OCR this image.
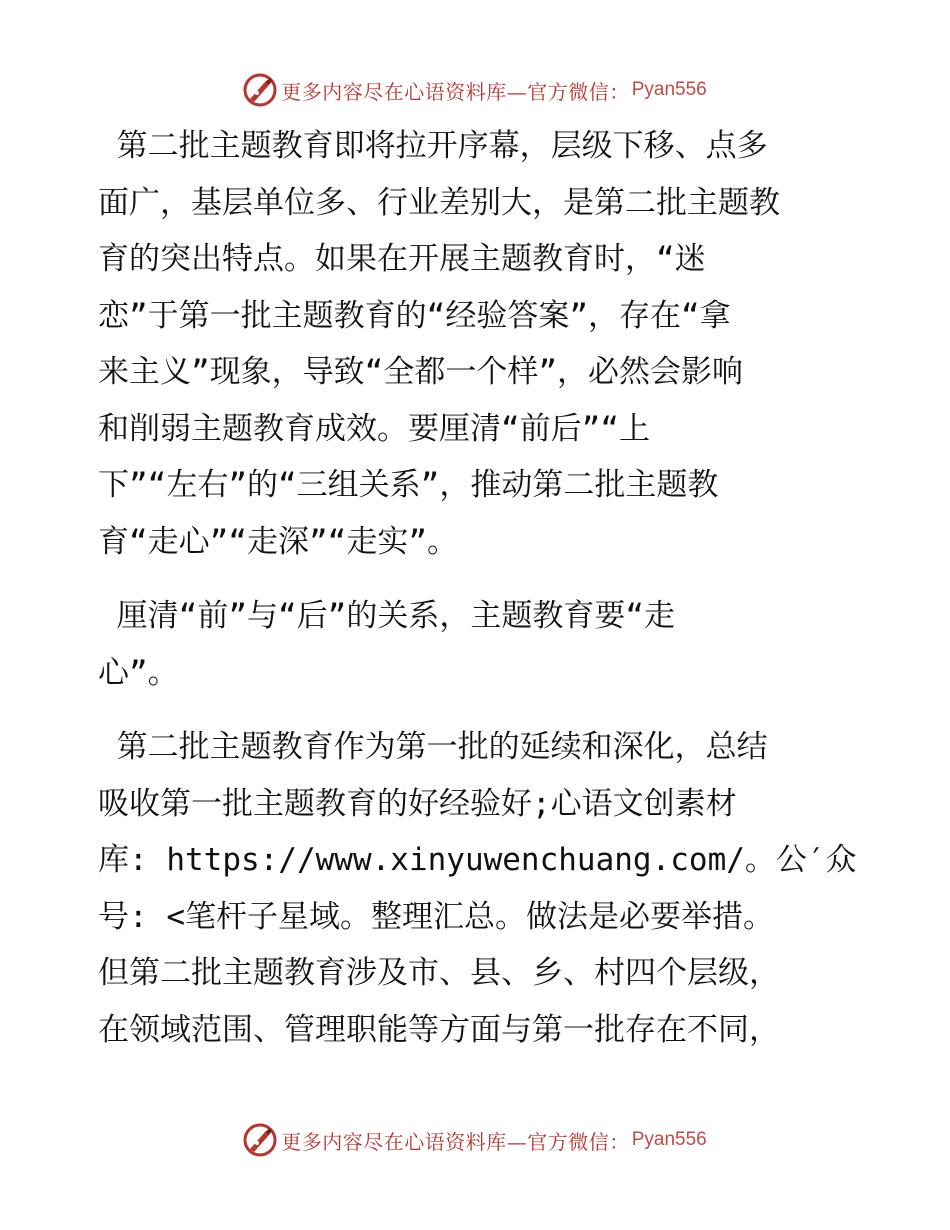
更多内容尽在心语资料库—官方微信： Pyan556
第二批主题教育即将拉开序幕，层级下移、点多
面广，基层单位多、行业差别大，是第二批主题教
育的突出特点。如果在开展主题教育时，“迷
恋”于第一批主题教育的“经验答案”，存在“拿
来主义”现象，导致“全都一个样”，必然会影响
和削弱主题教育成效。要厘清“前后”“上
下”“左右”的“三组关系”，推动第二批主题教
育“走心”“走深”“走实”。
厘清“前”与“后”的关系，主题教育要“走
心”。
第二批主题教育作为第一批的延续和深化，总结
吸收第一批主题教育的好经验好;心语文创素材
库: https://www.xinyuwenchuang.com/。公′众
号: <笔杆子星域。整理汇总。做法是必要举措。
但第二批主题教育涉及市、县、乡、村四个层级，
在领域范围、管理职能等方面与第一批存在不同，
更多内容尽在心语资料库—官方微信： Pyan556
